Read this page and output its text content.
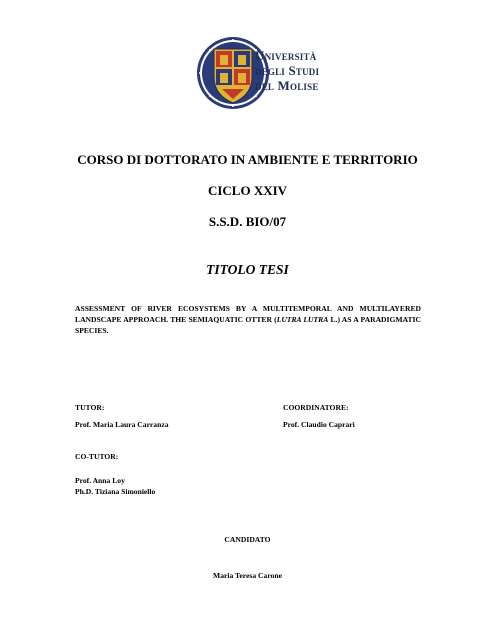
Università
degli Studi
del Molise
CORSO DI DOTTORATO IN AMBIENTE E TERRITORIO
CICLO XXIV
S.S.D. BIO/07
TITOLO TESI
ASSESSMENT OF RIVER ECOSYSTEMS BY A MULTITEMPORAL AND MULTILAYERED LANDSCAPE APPROACH. THE SEMIAQUATIC OTTER (LUTRA LUTRA L.) AS A PARADIGMATIC SPECIES.
TUTOR:
Prof. Maria Laura Carranza
COORDINATORE:
Prof. Claudio Caprari
CO-TUTOR:
Prof. Anna Loy
Ph.D. Tiziana Simoniello
CANDIDATO
Maria Teresa Carone
